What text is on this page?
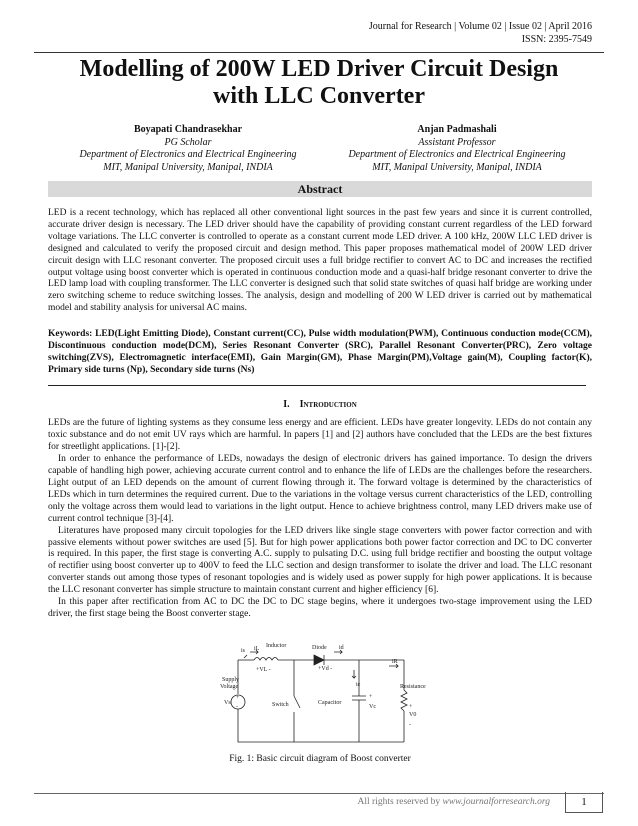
Journal for Research | Volume 02 | Issue 02 | April 2016
ISSN: 2395-7549
Modelling of 200W LED Driver Circuit Design
with LLC Converter
Boyapati Chandrasekhar
PG Scholar
Department of Electronics and Electrical Engineering
MIT, Manipal University, Manipal, INDIA
Anjan Padmashali
Assistant Professor
Department of Electronics and Electrical Engineering
MIT, Manipal University, Manipal, INDIA
Abstract
LED is a recent technology, which has replaced all other conventional light sources in the past few years and since it is current controlled, accurate driver design is necessary. The LED driver should have the capability of providing constant current regardless of the LED forward voltage variations. The LLC converter is controlled to operate as a constant current mode LED driver. A 100 kHz, 200W LLC LED driver is designed and calculated to verify the proposed circuit and design method. This paper proposes mathematical model of 200W LED driver circuit design with LLC resonant converter. The proposed circuit uses a full bridge rectifier to convert AC to DC and increases the rectified output voltage using boost converter which is operated in continuous conduction mode and a quasi-half bridge resonant converter to drive the LED lamp load with coupling transformer. The LLC converter is designed such that solid state switches of quasi half bridge are working under zero switching scheme to reduce switching losses. The analysis, design and modelling of 200 W LED driver is carried out by mathematical model and stability analysis for universal AC mains.
Keywords: LED(Light Emitting Diode), Constant current(CC), Pulse width modulation(PWM), Continuous conduction mode(CCM), Discontinuous conduction mode(DCM), Series Resonant Converter (SRC), Parallel Resonant Converter(PRC), Zero voltage switching(ZVS), Electromagnetic interface(EMI), Gain Margin(GM), Phase Margin(PM),Voltage gain(M), Coupling factor(K), Primary side turns (Np), Secondary side turns (Ns)
I. Introduction

LEDs are the future of lighting systems as they consume less energy and are efficient. LEDs have greater longevity. LEDs do not contain any toxic substance and do not emit UV rays which are harmful. In papers [1] and [2] authors have concluded that the LEDs are the best fixtures for streetlight applications. [1]-[2].

In order to enhance the performance of LEDs, nowadays the design of electronic drivers has gained importance. To design the drivers capable of handling high power, achieving accurate current control and to enhance the life of LEDs are the challenges before the researchers. Light output of an LED depends on the amount of current flowing through it. The forward voltage is determined by the characteristics of LEDs which in turn determines the required current. Due to the variations in the voltage versus current characteristics of the LED, controlling only the voltage across them would lead to variations in the light output. Hence to achieve brightness control, many LED drivers make use of current control technique [3]-[4].

Literatures have proposed many circuit topologies for the LED drivers like single stage converters with power factor correction and with passive elements without power switches are used [5]. But for high power applications both power factor correction and DC to DC converter is required. In this paper, the first stage is converting A.C. supply to pulsating D.C. using full bridge rectifier and boosting the output voltage of rectifier using boost converter up to 400V to feed the LLC section and design transformer to isolate the driver and load. The LLC resonant converter stands out among those types of resonant topologies and is widely used as power supply for high power applications. It is because the LLC resonant converter has simple structure to maintain constant current and higher efficiency [6].

In this paper after rectification from AC to DC the DC to DC stage begins, where it undergoes two-stage improvement using the LED driver, the first stage being the Boost converter stage.

Inductor	Diode
Supply
Voltage
Vs	Switch	Capacitor
Resistance
is iL	id
iR
ic
+VL -	+Vd -
Vc
V0
+
-
+
+
-
Fig. 1: Basic circuit diagram of Boost converter
All rights reserved by www.journalforresearch.org	1
